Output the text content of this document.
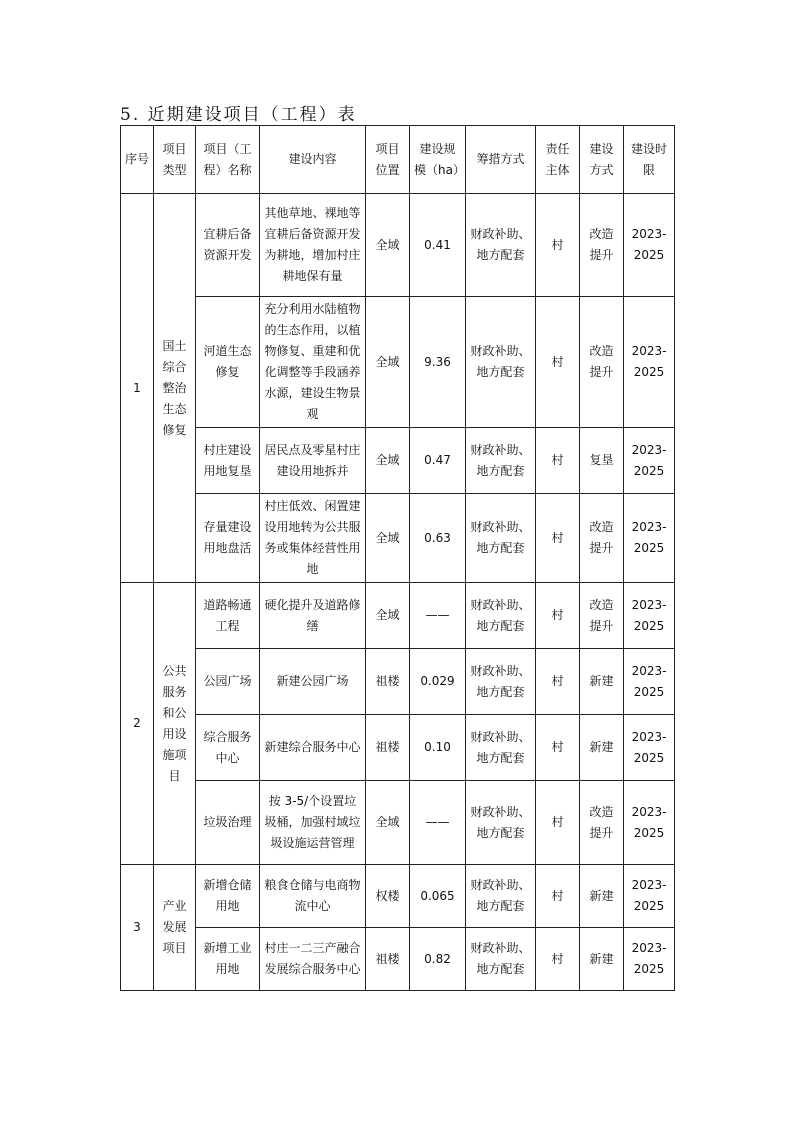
5. 近期建设项目（工程）表
序号	项目类型	项目（工程）名称	建设内容	项目位置	建设规模（ha）	筹措方式	责任主体	建设方式	建设时限
1	国土综合整治生态修复	宜耕后备资源开发	其他草地、裸地等宜耕后备资源开发为耕地，增加村庄耕地保有量	全域	0.41	财政补助、地方配套	村	改造提升	2023-2025
		河道生态修复	充分利用水陆植物的生态作用，以植物修复、重建和优化调整等手段涵养水源，建设生物景观	全域	9.36	财政补助、地方配套	村	改造提升	2023-2025
		村庄建设用地复垦	居民点及零星村庄建设用地拆并	全域	0.47	财政补助、地方配套	村	复垦	2023-2025
		存量建设用地盘活	村庄低效、闲置建设用地转为公共服务或集体经营性用地	全域	0.63	财政补助、地方配套	村	改造提升	2023-2025
2	公共服务和公用设施项目	道路畅通工程	硬化提升及道路修缮	全域	——	财政补助、地方配套	村	改造提升	2023-2025
		公园广场	新建公园广场	祖楼	0.029	财政补助、地方配套	村	新建	2023-2025
		综合服务中心	新建综合服务中心	祖楼	0.10	财政补助、地方配套	村	新建	2023-2025
		垃圾治理	按 3-5/个设置垃圾桶，加强村域垃圾设施运营管理	全域	——	财政补助、地方配套	村	改造提升	2023-2025
3	产业发展项目	新增仓储用地	粮食仓储与电商物流中心	权楼	0.065	财政补助、地方配套	村	新建	2023-2025
		新增工业用地	村庄一二三产融合发展综合服务中心	祖楼	0.82	财政补助、地方配套	村	新建	2023-2025
